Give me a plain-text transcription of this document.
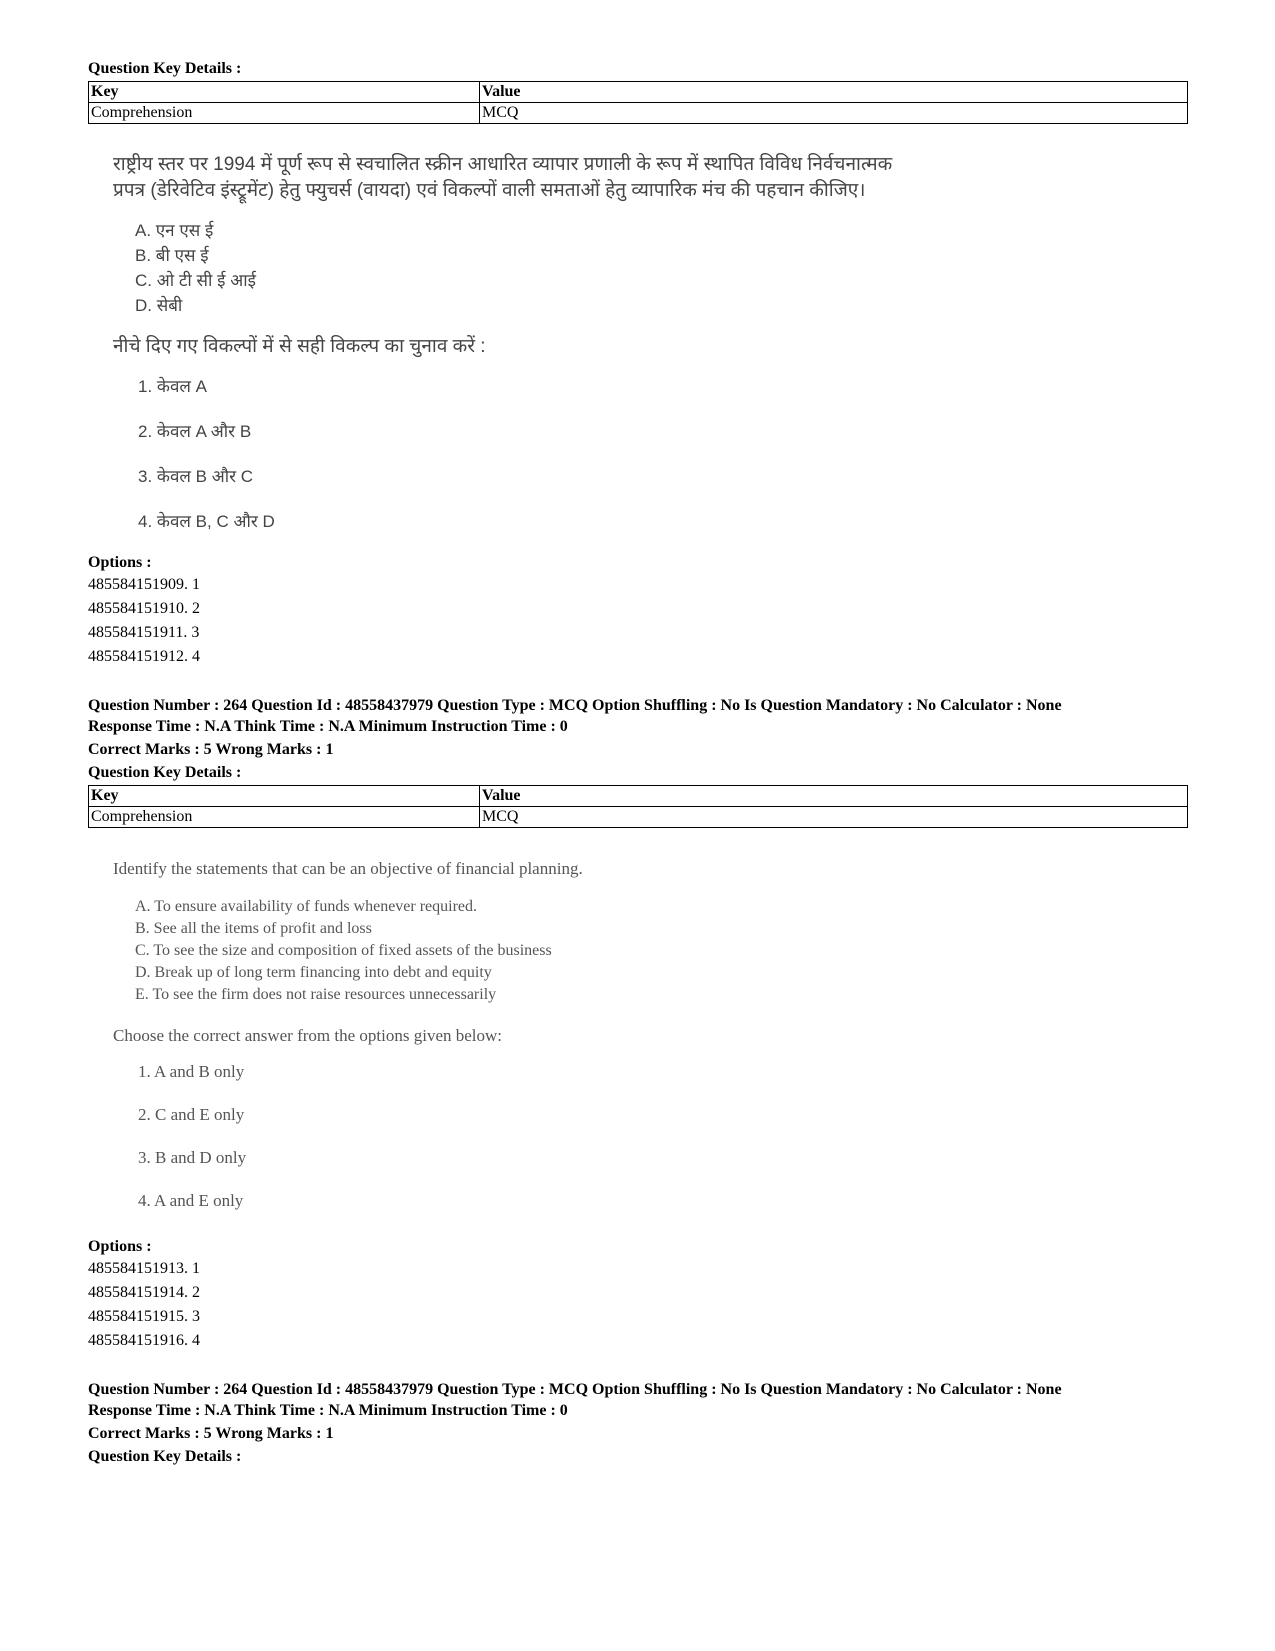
Question Key Details :
Key	Value
Comprehension	MCQ
राष्ट्रीय स्तर पर 1994 में पूर्ण रूप से स्वचालित स्क्रीन आधारित व्यापार प्रणाली के रूप में स्थापित विविध निर्वचनात्मक
प्रपत्र (डेरिवेटिव इंस्ट्रूमेंट) हेतु फ्युचर्स (वायदा) एवं विकल्पों वाली समताओं हेतु व्यापारिक मंच की पहचान कीजिए।
A. एन एस ई
B. बी एस ई
C. ओ टी सी ई आई
D. सेबी
नीचे दिए गए विकल्पों में से सही विकल्प का चुनाव करें :
1. केवल A
2. केवल A और B
3. केवल B और C
4. केवल B, C और D
Options :
485584151909. 1
485584151910. 2
485584151911. 3
485584151912. 4
Question Number : 264 Question Id : 48558437979 Question Type : MCQ Option Shuffling : No Is Question Mandatory : No Calculator : None
Response Time : N.A Think Time : N.A Minimum Instruction Time : 0
Correct Marks : 5 Wrong Marks : 1
Question Key Details :
Key	Value
Comprehension	MCQ
Identify the statements that can be an objective of financial planning.
A. To ensure availability of funds whenever required.
B. See all the items of profit and loss
C. To see the size and composition of fixed assets of the business
D. Break up of long term financing into debt and equity
E. To see the firm does not raise resources unnecessarily
Choose the correct answer from the options given below:
1. A and B only
2. C and E only
3. B and D only
4. A and E only
Options :
485584151913. 1
485584151914. 2
485584151915. 3
485584151916. 4
Question Number : 264 Question Id : 48558437979 Question Type : MCQ Option Shuffling : No Is Question Mandatory : No Calculator : None
Response Time : N.A Think Time : N.A Minimum Instruction Time : 0
Correct Marks : 5 Wrong Marks : 1
Question Key Details :
